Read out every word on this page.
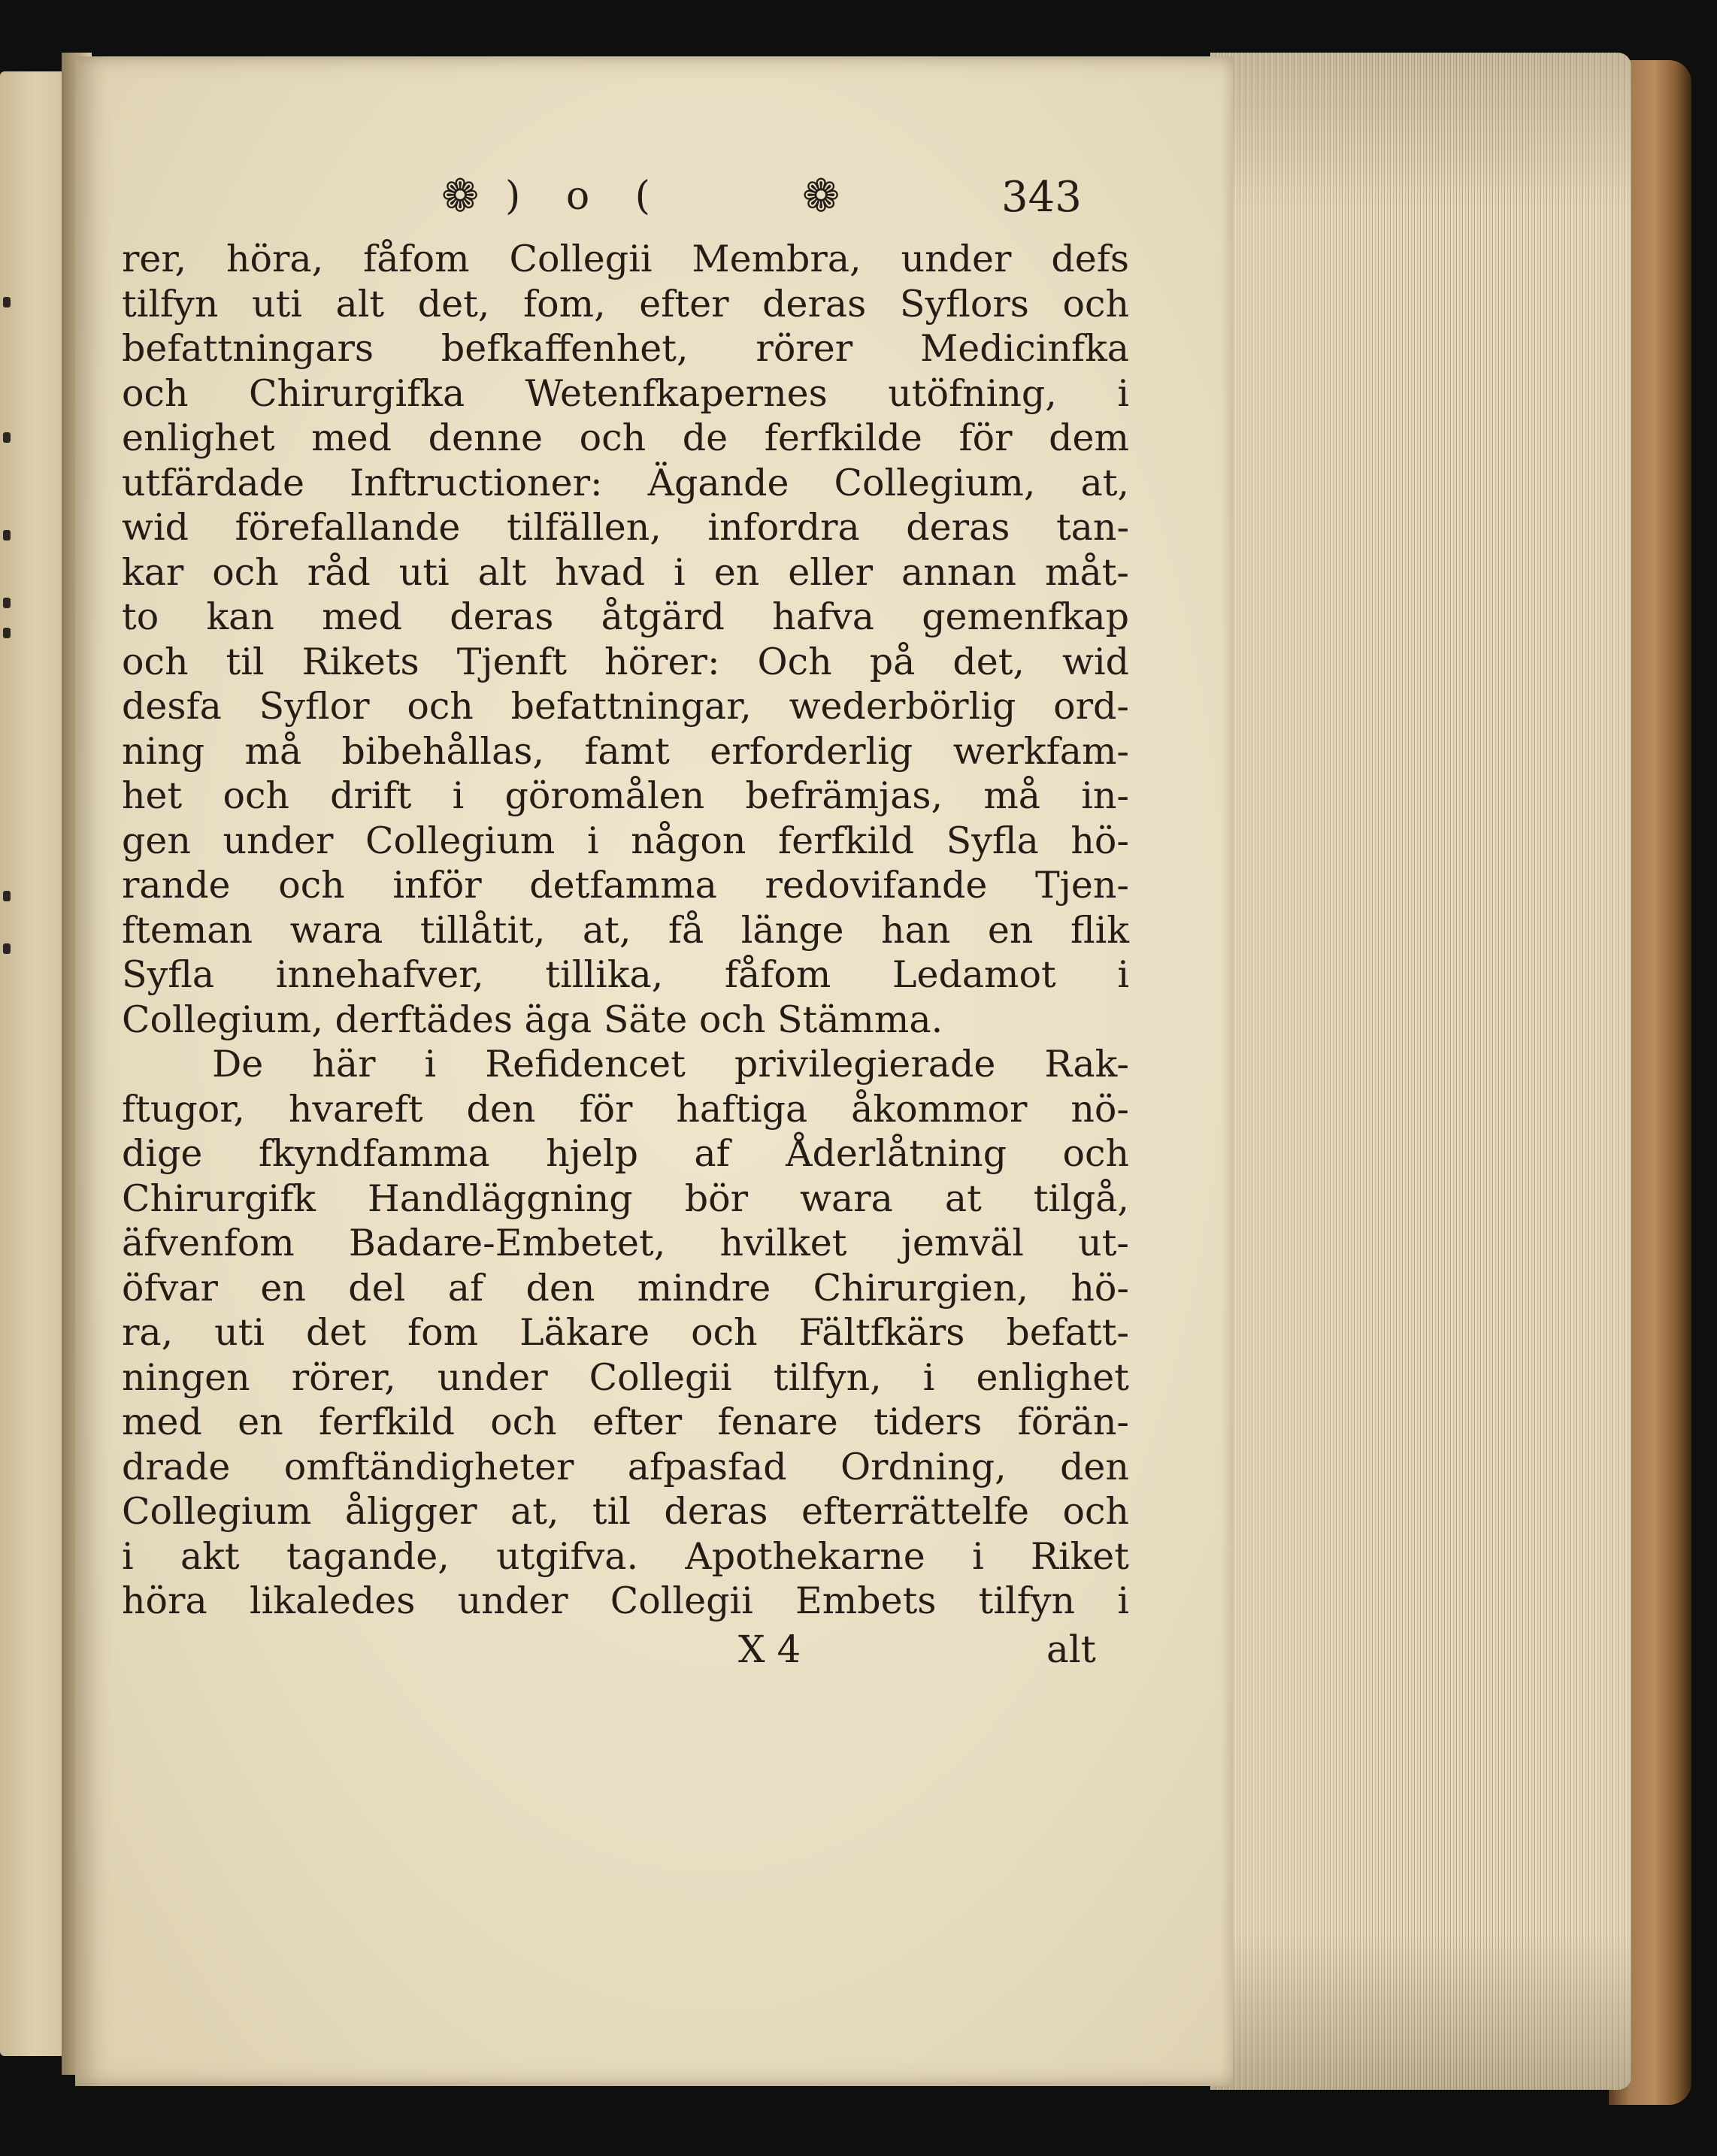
❁ ) o (	❁	343
rer, höra, fåfom Collegii Membra, under defs
tilfyn uti alt det, fom, efter deras Syflors och
befattningars befkaffenhet, rörer Medicinfka
och Chirurgifka Wetenfkapernes utöfning, i
enlighet med denne och de ferfkilde för dem
utfärdade Inftructioner: Ägande Collegium, at,
wid förefallande tilfällen, infordra deras tan-
kar och råd uti alt hvad i en eller annan måt-
to kan med deras åtgärd hafva gemenfkap
och til Rikets Tjenft hörer: Och på det, wid
desfa Syflor och befattningar, wederbörlig ord-
ning må bibehållas, famt erforderlig werkfam-
het och drift i göromålen befrämjas, må in-
gen under Collegium i någon ferfkild Syfla hö-
rande och inför detfamma redovifande Tjen-
fteman wara tillåtit, at, få länge han en flik
Syfla innehafver, tillika, fåfom Ledamot i
Collegium, derftädes äga Säte och Stämma.
De här i Refidencet privilegierade Rak-
ftugor, hvareft den för haftiga åkommor nö-
dige fkyndfamma hjelp af Åderlåtning och
Chirurgifk Handläggning bör wara at tilgå,
äfvenfom Badare-Embetet, hvilket jemväl ut-
öfvar en del af den mindre Chirurgien, hö-
ra, uti det fom Läkare och Fältfkärs befatt-
ningen rörer, under Collegii tilfyn, i enlighet
med en ferfkild och efter fenare tiders förän-
drade omftändigheter afpasfad Ordning, den
Collegium åligger at, til deras efterrättelfe och
i akt tagande, utgifva. Apothekarne i Riket
höra likaledes under Collegii Embets tilfyn i
X 4	alt
